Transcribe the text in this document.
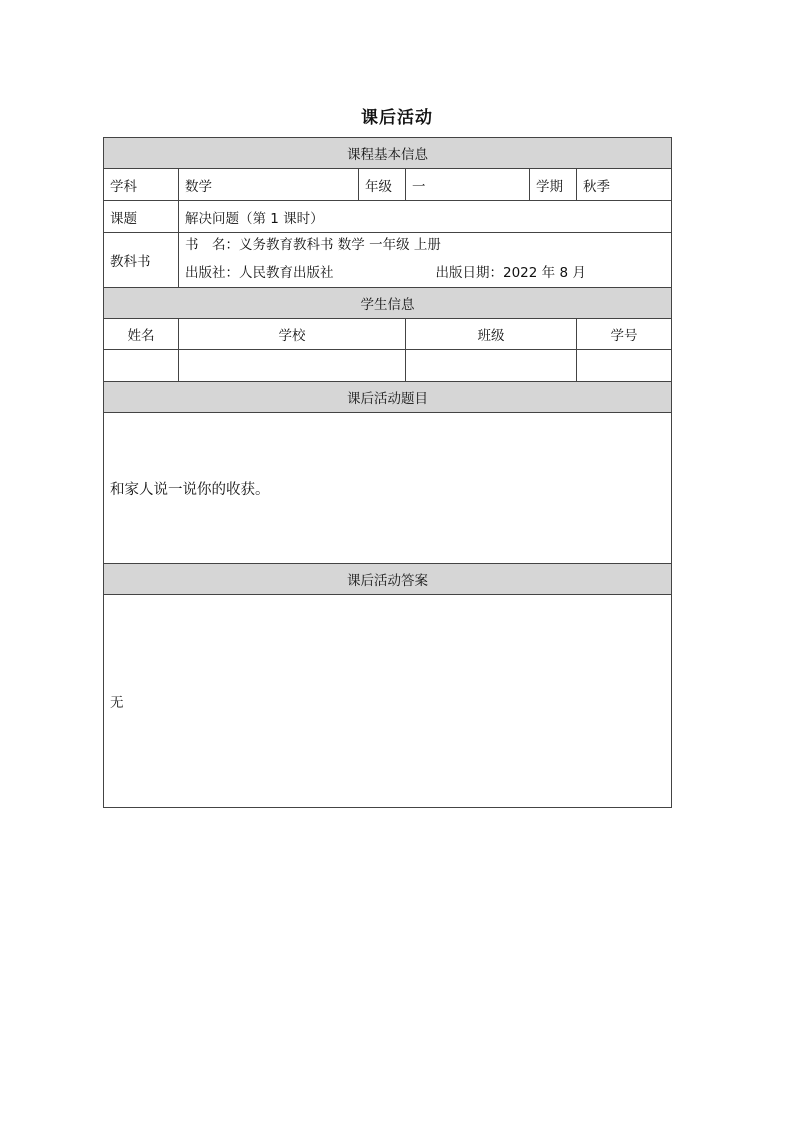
课后活动
课程基本信息					
学科	数学	年级	一	学期	秋季
课题	解决问题（第 1 课时）				
教科书	书　名：义务教育教科书 数学 一年级 上册
出版社：人民教育出版社 出版日期：2022 年 8 月				

学生信息					
姓名	学校		班级		学号

课后活动题目					
和家人说一说你的收获。					
课后活动答案					
无					
